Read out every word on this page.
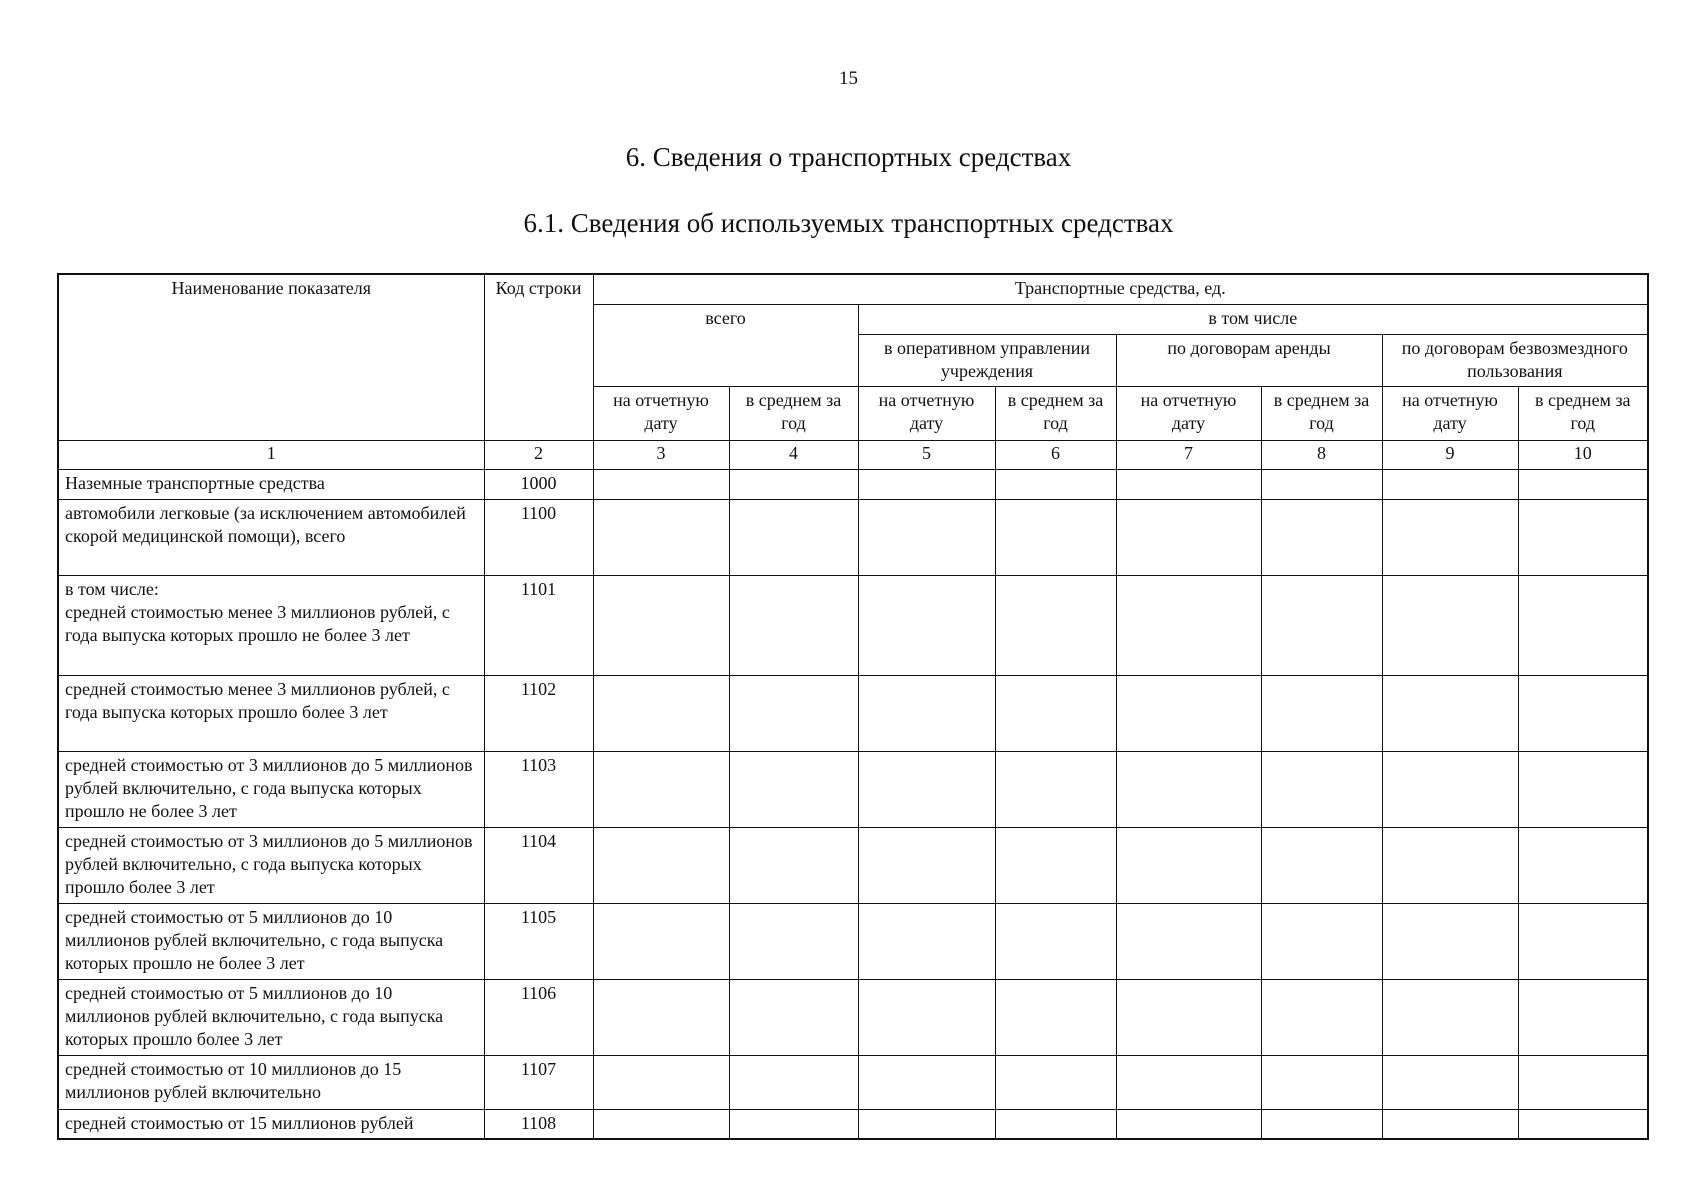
15
6. Сведения о транспортных средствах
6.1. Сведения об используемых транспортных средствах
Наименование показателя	Код строки	Транспортные средства, ед.							
		всего		в том числе					
				в оперативном управлении учреждения		по договорам аренды		по договорам безвозмездного пользования	
		на отчетную дату	в среднем за год	на отчетную дату	в среднем за год	на отчетную дату	в среднем за год	на отчетную дату	в среднем за год
1	2	3	4	5	6	7	8	9	10
Наземные транспортные средства	1000								
автомобили легковые (за исключением автомобилей скорой медицинской помощи), всего	1100								
в том числе:
средней стоимостью менее 3 миллионов рублей, с года выпуска которых прошло не более 3 лет	1101								
средней стоимостью менее 3 миллионов рублей, с года выпуска которых прошло более 3 лет	1102								
средней стоимостью от 3 миллионов до 5 миллионов рублей включительно, с года выпуска которых прошло не более 3 лет	1103								
средней стоимостью от 3 миллионов до 5 миллионов рублей включительно, с года выпуска которых прошло более 3 лет	1104								
средней стоимостью от 5 миллионов до 10 миллионов рублей включительно, с года выпуска которых прошло не более 3 лет	1105								
средней стоимостью от 5 миллионов до 10 миллионов рублей включительно, с года выпуска которых прошло более 3 лет	1106								
средней стоимостью от 10 миллионов до 15 миллионов рублей включительно	1107								
средней стоимостью от 15 миллионов рублей	1108								
